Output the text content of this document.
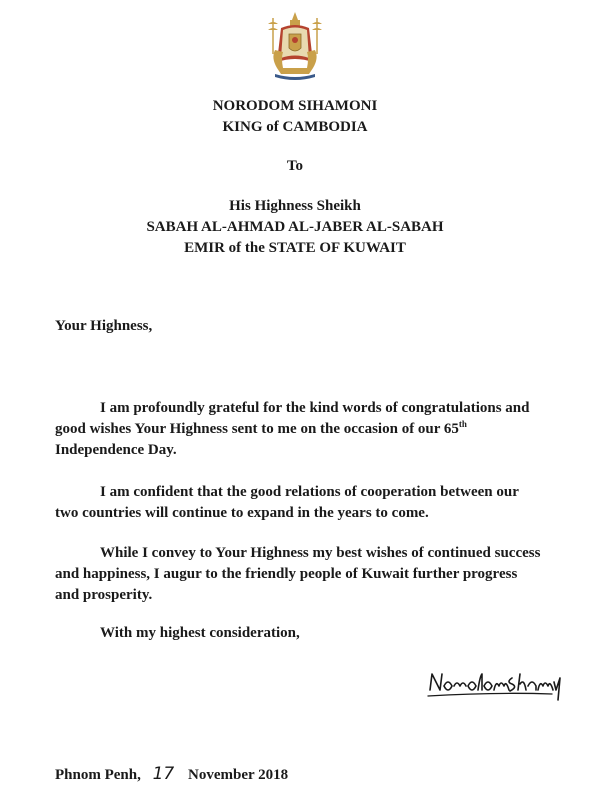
NORODOM SIHAMONI
KING of CAMBODIA
To
His Highness Sheikh
SABAH AL-AHMAD AL-JABER AL-SABAH
EMIR of the STATE OF KUWAIT
Your Highness,

I am profoundly grateful for the kind words of congratulations and good wishes Your Highness sent to me on the occasion of our 65th Independence Day.

I am confident that the good relations of cooperation between our two countries will continue to expand in the years to come.

While I convey to Your Highness my best wishes of continued success and happiness, I augur to the friendly people of Kuwait further progress and prosperity.

With my highest consideration,

Phnom Penh, 17 November 2018
